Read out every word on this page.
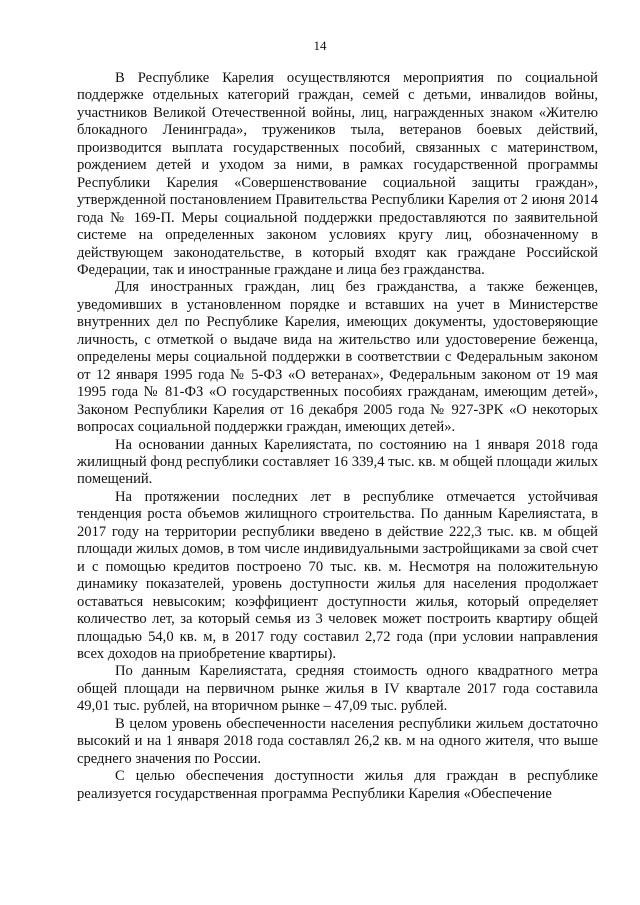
14

В Республике Карелия осуществляются мероприятия по социальной поддержке отдельных категорий граждан, семей с детьми, инвалидов войны, участников Великой Отечественной войны, лиц, награжденных знаком «Жителю блокадного Ленинграда», тружеников тыла, ветеранов боевых действий, производится выплата государственных пособий, связанных с материнством, рождением детей и уходом за ними, в рамках государственной программы Республики Карелия «Совершенствование социальной защиты граждан», утвержденной постановлением Правительства Республики Карелия от 2 июня 2014 года № 169-П. Меры социальной поддержки предоставляются по заявительной системе на определенных законом условиях кругу лиц, обозначенному в действующем законодательстве, в который входят как граждане Российской Федерации, так и иностранные граждане и лица без гражданства.

Для иностранных граждан, лиц без гражданства, а также беженцев, уведомивших в установленном порядке и вставших на учет в Министерстве внутренних дел по Республике Карелия, имеющих документы, удостоверяющие личность, с отметкой о выдаче вида на жительство или удостоверение беженца, определены меры социальной поддержки в соответствии с Федеральным законом от 12 января 1995 года № 5-ФЗ «О ветеранах», Федеральным законом от 19 мая 1995 года № 81-ФЗ «О государственных пособиях гражданам, имеющим детей», Законом Республики Карелия от 16 декабря 2005 года № 927-ЗРК «О некоторых вопросах социальной поддержки граждан, имеющих детей».

На основании данных Карелиястата, по состоянию на 1 января 2018 года жилищный фонд республики составляет 16 339,4 тыс. кв. м общей площади жилых помещений.

На протяжении последних лет в республике отмечается устойчивая тенденция роста объемов жилищного строительства. По данным Карелиястата, в 2017 году на территории республики введено в действие 222,3 тыс. кв. м общей площади жилых домов, в том числе индивидуальными застройщиками за свой счет и с помощью кредитов построено 70 тыс. кв. м. Несмотря на положительную динамику показателей, уровень доступности жилья для населения продолжает оставаться невысоким; коэффициент доступности жилья, который определяет количество лет, за который семья из 3 человек может построить квартиру общей площадью 54,0 кв. м, в 2017 году составил 2,72 года (при условии направления всех доходов на приобретение квартиры).

По данным Карелиястата, средняя стоимость одного квадратного метра общей площади на первичном рынке жилья в IV квартале 2017 года составила 49,01 тыс. рублей, на вторичном рынке – 47,09 тыс. рублей.

В целом уровень обеспеченности населения республики жильем достаточно высокий и на 1 января 2018 года составлял 26,2 кв. м на одного жителя, что выше среднего значения по России.

С целью обеспечения доступности жилья для граждан в республике реализуется государственная программа Республики Карелия «Обеспечение
